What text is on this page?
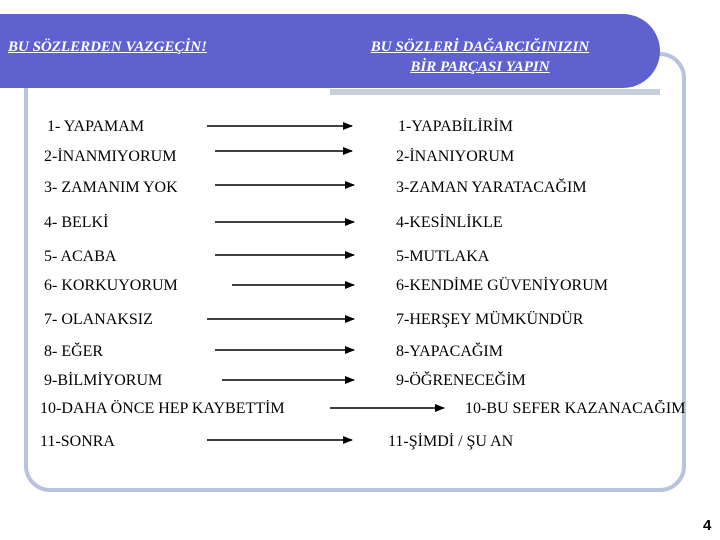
BU SÖZLERDEN VAZGEÇİN!	BU SÖZLERİ DAĞARCIĞINIZIN
BİR PARÇASI YAPIN
1- YAPAMAM	1-YAPABİLİRİM
2-İNANMIYORUM	2-İNANIYORUM
3- ZAMANIM YOK	3-ZAMAN YARATACAĞIM
4- BELKİ	4-KESİNLİKLE
5- ACABA	5-MUTLAKA
6- KORKUYORUM	6-KENDİME GÜVENİYORUM
7- OLANAKSIZ	7-HERŞEY MÜMKÜNDÜR
8- EĞER	8-YAPACAĞIM
9-BİLMİYORUM	9-ÖĞRENECEĞİM
10-DAHA ÖNCE HEP KAYBETTİM	10-BU SEFER KAZANACAĞIM
11-SONRA	11-ŞİMDİ / ŞU AN
4
